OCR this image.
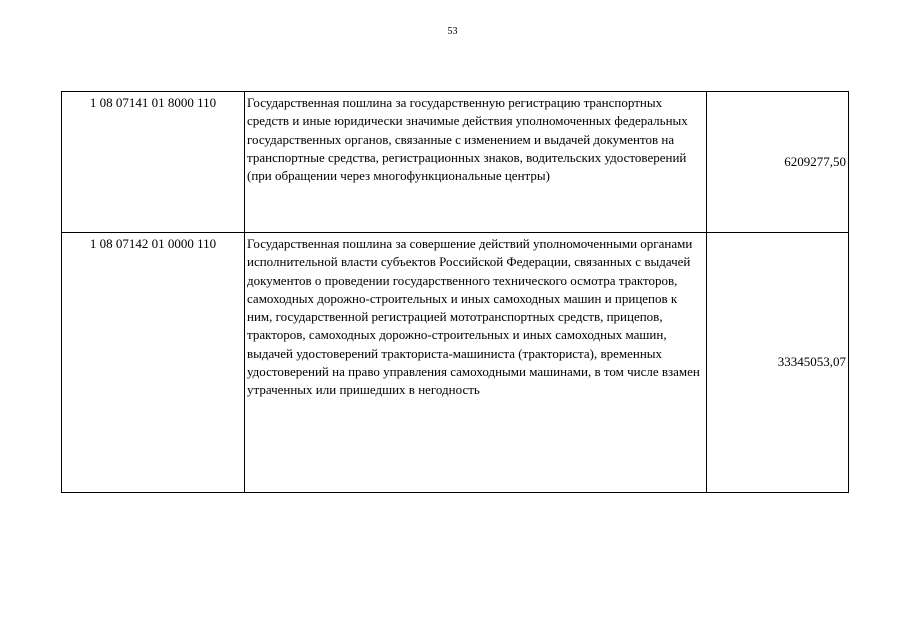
53
1 08 07141 01 8000 110	Государственная пошлина за государственную регистрацию транспортных средств и иные юридически значимые действия уполномоченных федеральных государственных органов, связанные с изменением и выдачей документов на транспортные средства, регистрационных знаков, водительских удостоверений (при обращении через многофункциональные центры)	6209277,50
1 08 07142 01 0000 110	Государственная пошлина за совершение действий уполномоченными органами исполнительной власти субъектов Российской Федерации, связанных с выдачей документов о проведении государственного технического осмотра тракторов, самоходных дорожно-строительных и иных самоходных машин и прицепов к ним, государственной регистрацией мототранспортных средств, прицепов, тракторов, самоходных дорожно-строительных и иных самоходных машин, выдачей удостоверений тракториста-машиниста (тракториста), временных удостоверений на право управления самоходными машинами, в том числе взамен утраченных или пришедших в негодность	33345053,07
